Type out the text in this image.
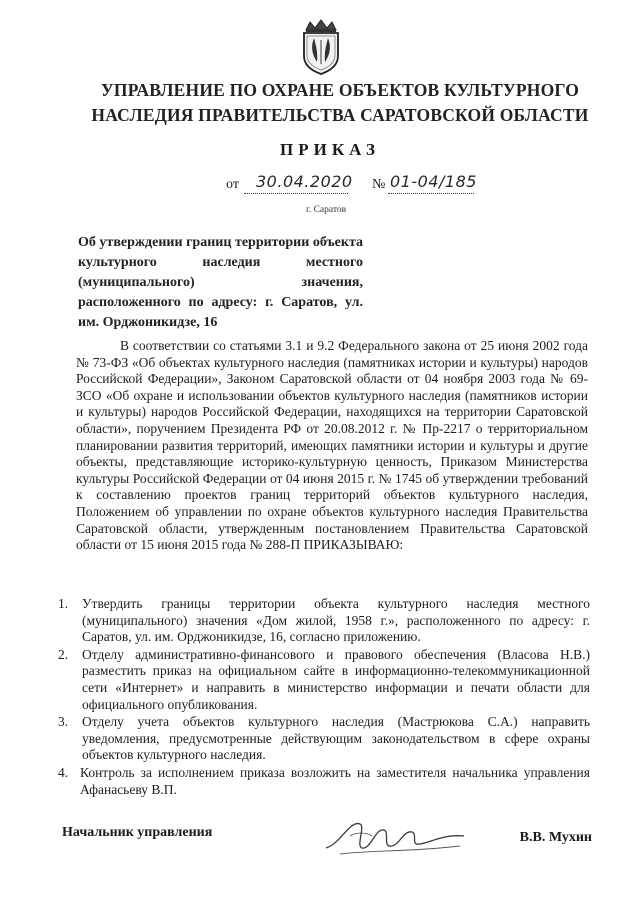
УПРАВЛЕНИЕ ПО ОХРАНЕ ОБЪЕКТОВ КУЛЬТУРНОГО
НАСЛЕДИЯ ПРАВИТЕЛЬСТВА САРАТОВСКОЙ ОБЛАСТИ
ПРИКАЗ
от 30.04.2020 № 01-04/185
г. Саратов
Об утверждении границ территории объекта культурного наследия местного (муниципального) значения, расположенного по адресу: г. Саратов, ул. им. Орджоникидзе, 16

В соответствии со статьями 3.1 и 9.2 Федерального закона от 25 июня 2002 года № 73-ФЗ «Об объектах культурного наследия (памятниках истории и культуры) народов Российской Федерации», Законом Саратовской области от 04 ноября 2003 года № 69-ЗСО «Об охране и использовании объектов культурного наследия (памятников истории и культуры) народов Российской Федерации, находящихся на территории Саратовской области», поручением Президента РФ от 20.08.2012 г. № Пр-2217 о территориальном планировании развития территорий, имеющих памятники истории и культуры и другие объекты, представляющие историко-культурную ценность, Приказом Министерства культуры Российской Федерации от 04 июня 2015 г. № 1745 об утверждении требований к составлению проектов границ территорий объектов культурного наследия, Положением об управлении по охране объектов культурного наследия Правительства Саратовской области, утвержденным постановлением Правительства Саратовской области от 15 июня 2015 года № 288-П ПРИКАЗЫВАЮ:

1. Утвердить границы территории объекта культурного наследия местного (муниципального) значения «Дом жилой, 1958 г.», расположенного по адресу: г. Саратов, ул. им. Орджоникидзе, 16, согласно приложению.
2. Отделу административно-финансового и правового обеспечения (Власова Н.В.) разместить приказ на официальном сайте в информационно-телекоммуникационной сети «Интернет» и направить в министерство информации и печати области для официального опубликования.
3. Отделу учета объектов культурного наследия (Мастрюкова С.А.) направить уведомления, предусмотренные действующим законодательством в сфере охраны объектов культурного наследия.
4. Контроль за исполнением приказа возложить на заместителя начальника управления Афанасьеву В.П.
Начальник управления	В.В. Мухин
